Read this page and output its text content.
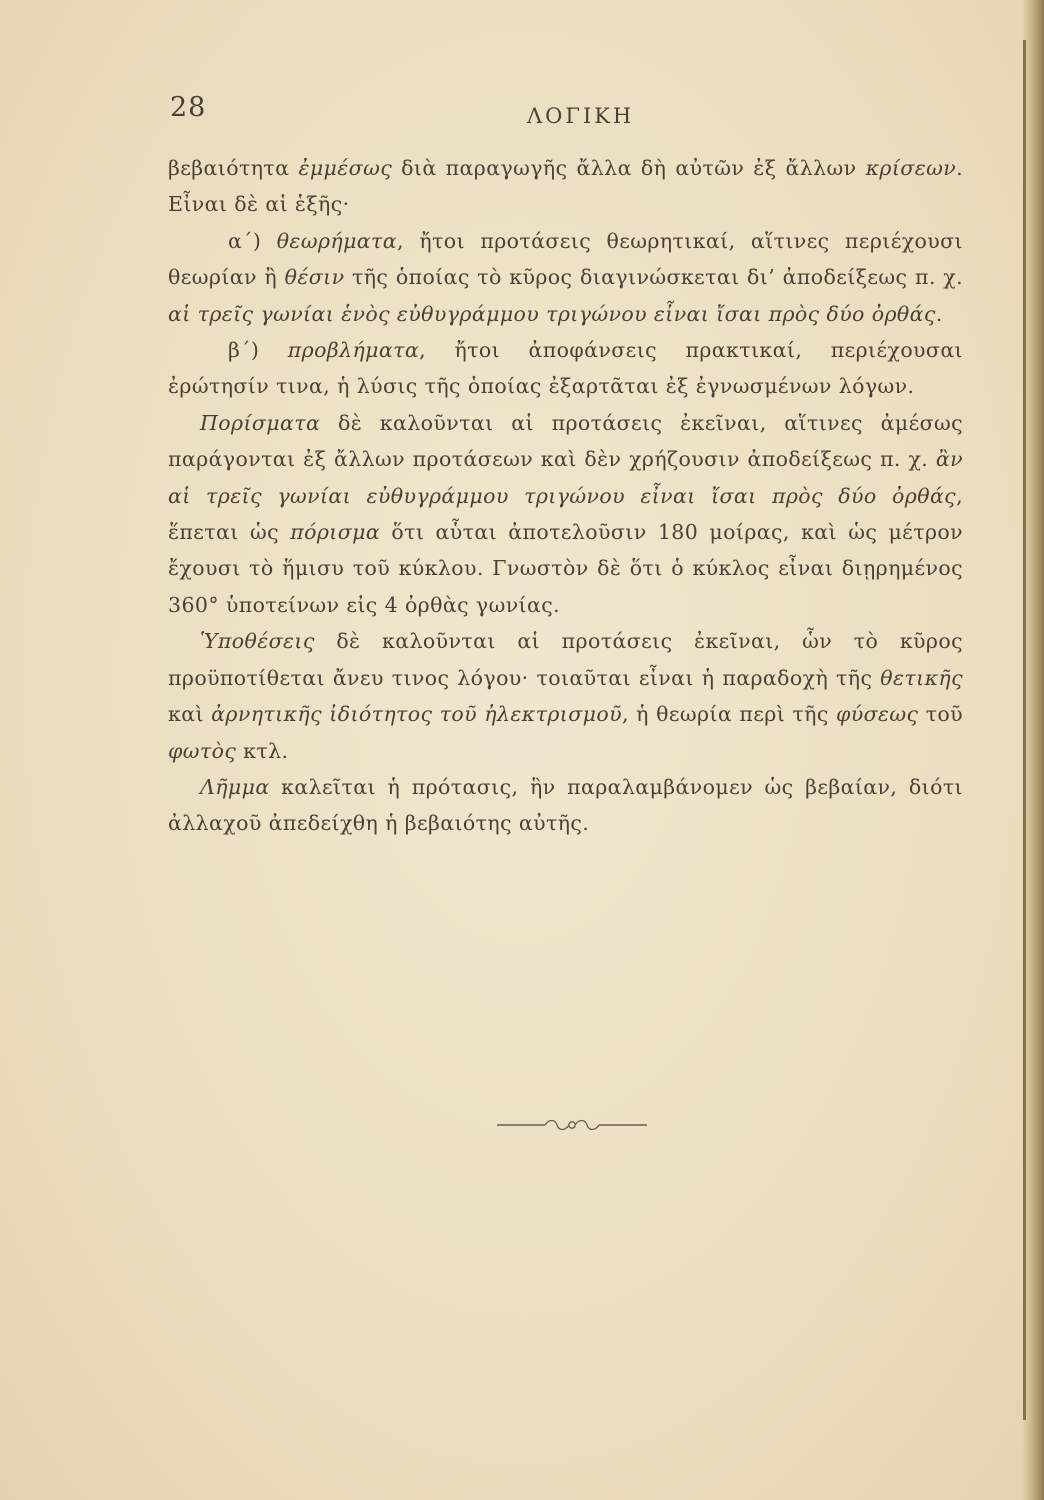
28	ΛΟΓΙΚΗ

βεβαιότητα ἐμμέσως διὰ παραγωγῆς ἄλλα δὴ αὐτῶν ἐξ ἄλλων κρίσεων. Εἶναι δὲ αἱ ἑξῆς·

α΄) θεωρήματα, ἤτοι προτάσεις θεωρητικαί, αἵτινες περιέχουσι θεωρίαν ἢ θέσιν τῆς ὁποίας τὸ κῦρος διαγινώσκεται δι’ ἀποδείξεως π. χ. αἱ τρεῖς γωνίαι ἑνὸς εὐθυγράμμου τριγώνου εἶναι ἴσαι πρὸς δύο ὀρθάς.

β΄) προβλήματα, ἤτοι ἀποφάνσεις πρακτικαί, περιέχουσαι ἐρώτησίν τινα, ἡ λύσις τῆς ὁποίας ἐξαρτᾶται ἐξ ἐγνωσμένων λόγων.

Πορίσματα δὲ καλοῦνται αἱ προτάσεις ἐκεῖναι, αἵτινες ἀμέσως παράγονται ἐξ ἄλλων προτάσεων καὶ δὲν χρήζουσιν ἀποδείξεως π. χ. ἂν αἱ τρεῖς γωνίαι εὐθυγράμμου τριγώνου εἶναι ἴσαι πρὸς δύο ὀρθάς, ἕπεται ὡς πόρισμα ὅτι αὗται ἀποτελοῦσιν 180 μοίρας, καὶ ὡς μέτρον ἔχουσι τὸ ἥμισυ τοῦ κύκλου. Γνωστὸν δὲ ὅτι ὁ κύκλος εἶναι διῃρημένος 360° ὑποτείνων εἰς 4 ὀρθὰς γωνίας.

Ὑποθέσεις δὲ καλοῦνται αἱ προτάσεις ἐκεῖναι, ὧν τὸ κῦρος προϋποτίθεται ἄνευ τινος λόγου· τοιαῦται εἶναι ἡ παραδοχὴ τῆς θετικῆς καὶ ἀρνητικῆς ἰδιότητος τοῦ ἠλεκτρισμοῦ, ἡ θεωρία περὶ τῆς φύσεως τοῦ φωτὸς κτλ.

Λῆμμα καλεῖται ἡ πρότασις, ἣν παραλαμβάνομεν ὡς βεβαίαν, διότι ἀλλαχοῦ ἀπεδείχθη ἡ βεβαιότης αὐτῆς.
